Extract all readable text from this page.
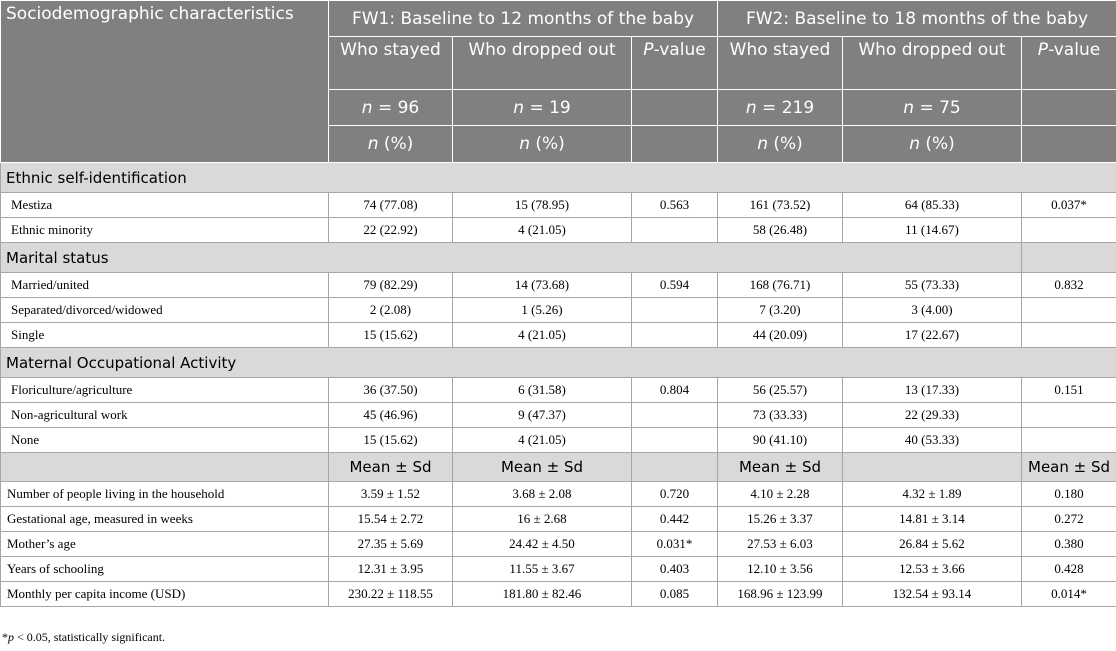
Sociodemographic characteristics	FW1: Baseline to 12 months of the baby			FW2: Baseline to 18 months of the baby		
	Who stayed	Who dropped out	P-value	Who stayed	Who dropped out	P-value
	n = 96	n = 19		n = 219	n = 75	
	n (%)	n (%)		n (%)	n (%)	
Ethnic self-identification						
Mestiza	74 (77.08)	15 (78.95)	0.563	161 (73.52)	64 (85.33)	0.037*
Ethnic minority	22 (22.92)	4 (21.05)		58 (26.48)	11 (14.67)	
Marital status						
Married/united	79 (82.29)	14 (73.68)	0.594	168 (76.71)	55 (73.33)	0.832
Separated/divorced/widowed	2 (2.08)	1 (5.26)		7 (3.20)	3 (4.00)	
Single	15 (15.62)	4 (21.05)		44 (20.09)	17 (22.67)	
Maternal Occupational Activity						
Floriculture/agriculture	36 (37.50)	6 (31.58)	0.804	56 (25.57)	13 (17.33)	0.151
Non-agricultural work	45 (46.96)	9 (47.37)		73 (33.33)	22 (29.33)	
None	15 (15.62)	4 (21.05)		90 (41.10)	40 (53.33)	
	Mean ± Sd	Mean ± Sd		Mean ± Sd		Mean ± Sd
Number of people living in the household	3.59 ± 1.52	3.68 ± 2.08	0.720	4.10 ± 2.28	4.32 ± 1.89	0.180
Gestational age, measured in weeks	15.54 ± 2.72	16 ± 2.68	0.442	15.26 ± 3.37	14.81 ± 3.14	0.272
Mother’s age	27.35 ± 5.69	24.42 ± 4.50	0.031*	27.53 ± 6.03	26.84 ± 5.62	0.380
Years of schooling	12.31 ± 3.95	11.55 ± 3.67	0.403	12.10 ± 3.56	12.53 ± 3.66	0.428
Monthly per capita income (USD)	230.22 ± 118.55	181.80 ± 82.46	0.085	168.96 ± 123.99	132.54 ± 93.14	0.014*
*p < 0.05, statistically significant.
